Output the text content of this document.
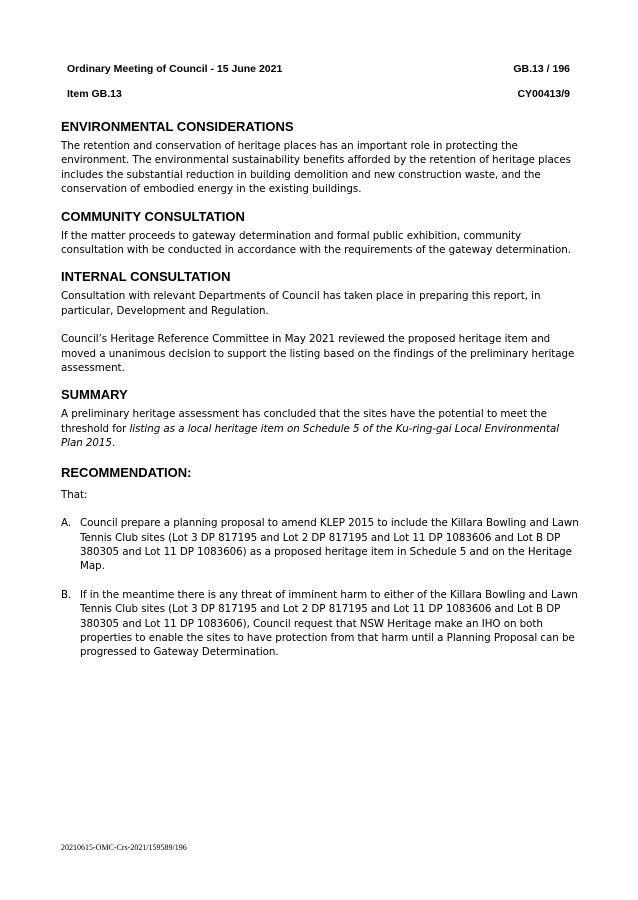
Ordinary Meeting of Council - 15 June 2021	GB.13 / 196
Item GB.13	CY00413/9
ENVIRONMENTAL CONSIDERATIONS

The retention and conservation of heritage places has an important role in protecting the environment. The environmental sustainability benefits afforded by the retention of heritage places includes the substantial reduction in building demolition and new construction waste, and the conservation of embodied energy in the existing buildings.

COMMUNITY CONSULTATION

If the matter proceeds to gateway determination and formal public exhibition, community consultation with be conducted in accordance with the requirements of the gateway determination.

INTERNAL CONSULTATION

Consultation with relevant Departments of Council has taken place in preparing this report, in particular, Development and Regulation.

Council’s Heritage Reference Committee in May 2021 reviewed the proposed heritage item and moved a unanimous decision to support the listing based on the findings of the preliminary heritage assessment.

SUMMARY

A preliminary heritage assessment has concluded that the sites have the potential to meet the threshold for listing as a local heritage item on Schedule 5 of the Ku-ring-gai Local Environmental Plan 2015.

RECOMMENDATION:

That:

A. Council prepare a planning proposal to amend KLEP 2015 to include the Killara Bowling and Lawn Tennis Club sites (Lot 3 DP 817195 and Lot 2 DP 817195 and Lot 11 DP 1083606 and Lot B DP 380305 and Lot 11 DP 1083606) as a proposed heritage item in Schedule 5 and on the Heritage Map.
B. If in the meantime there is any threat of imminent harm to either of the Killara Bowling and Lawn Tennis Club sites (Lot 3 DP 817195 and Lot 2 DP 817195 and Lot 11 DP 1083606 and Lot B DP 380305 and Lot 11 DP 1083606), Council request that NSW Heritage make an IHO on both properties to enable the sites to have protection from that harm until a Planning Proposal can be progressed to Gateway Determination.
20210615-OMC-Crs-2021/159589/196
